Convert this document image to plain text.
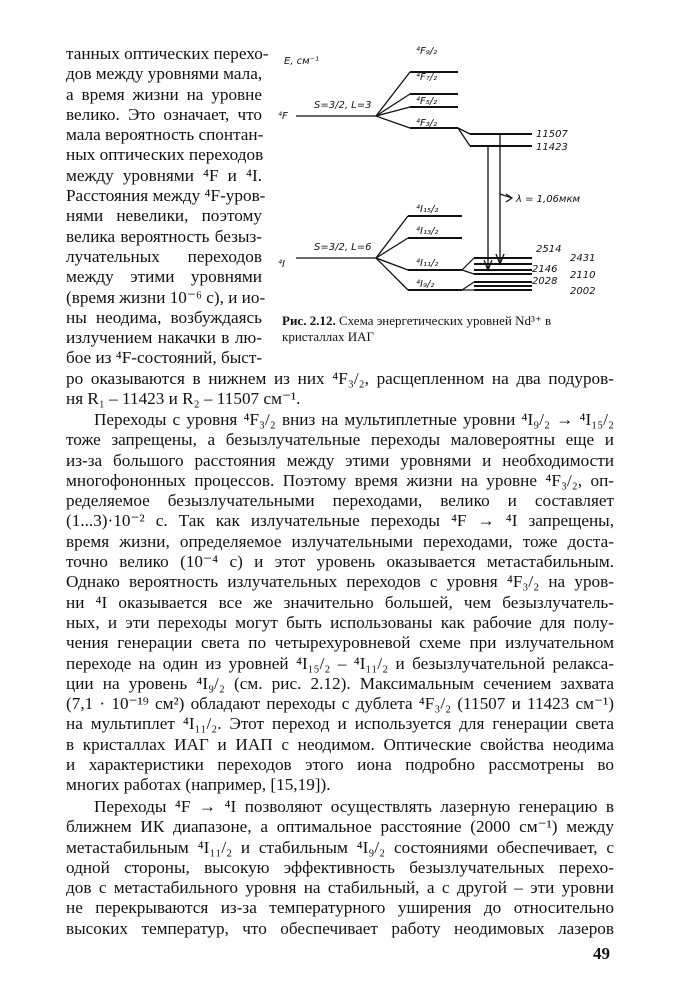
танных оптических перехо-
дов между уровнями мала,
а время жизни на уровне
велико. Это означает, что
мала вероятность спонтан-
ных оптических переходов
между уровнями ⁴F и ⁴I.
Расстояния между ⁴F-уров-
нями невелики, поэтому
велика вероятность безыз-
лучательных переходов
между этими уровнями
(время жизни 10⁻⁶ с), и ио-
ны неодима, возбуждаясь
излучением накачки в лю-
бое из ⁴F-состояний, быст-
E, см⁻¹
⁴F
S=3/2, L=3
⁴F₉/₂
⁴F₇/₂
⁴F₅/₂
⁴F₃/₂
11507
11423
λ = 1,06мкм
⁴I
S=3/2, L=6
⁴I₁₅/₂
⁴I₁₃/₂
⁴I₁₁/₂
⁴I₉/₂
2514
2146
2028
2431
2110
2002
Рис. 2.12. Схема энергетических уровней Nd³⁺ в
кристаллах ИАГ
ро оказываются в нижнем из них ⁴F₃/₂, расщепленном на два подуров-
ня R₁ – 11423 и R₂ – 11507 см⁻¹.
Переходы с уровня ⁴F₃/₂ вниз на мультиплетные уровни ⁴I₉/₂ → ⁴I₁₅/₂
тоже запрещены, а безызлучательные переходы маловероятны еще и
из-за большого расстояния между этими уровнями и необходимости
многофононных процессов. Поэтому время жизни на уровне ⁴F₃/₂, оп-
ределяемое безызлучательными переходами, велико и составляет
(1...3)·10⁻² с. Так как излучательные переходы ⁴F → ⁴I запрещены,
время жизни, определяемое излучательными переходами, тоже доста-
точно велико (10⁻⁴ с) и этот уровень оказывается метастабильным.
Однако вероятность излучательных переходов с уровня ⁴F₃/₂ на уров-
ни ⁴I оказывается все же значительно большей, чем безызлучатель-
ных, и эти переходы могут быть использованы как рабочие для полу-
чения генерации света по четырехуровневой схеме при излучательном
переходе на один из уровней ⁴I₁₅/₂ – ⁴I₁₁/₂ и безызлучательной релакса-
ции на уровень ⁴I₉/₂ (см. рис. 2.12). Максимальным сечением захвата
(7,1 · 10⁻¹⁹ см²) обладают переходы с дублета ⁴F₃/₂ (11507 и 11423 см⁻¹)
на мультиплет ⁴I₁₁/₂. Этот переход и используется для генерации света
в кристаллах ИАГ и ИАП с неодимом. Оптические свойства неодима
и характеристики переходов этого иона подробно рассмотрены во
многих работах (например, [15,19]).
Переходы ⁴F → ⁴I позволяют осуществлять лазерную генерацию в
ближнем ИК диапазоне, а оптимальное расстояние (2000 см⁻¹) между
метастабильным ⁴I₁₁/₂ и стабильным ⁴I₉/₂ состояниями обеспечивает, с
одной стороны, высокую эффективность безызлучательных перехо-
дов с метастабильного уровня на стабильный, а с другой – эти уровни
не перекрываются из-за температурного уширения до относительно
высоких температур, что обеспечивает работу неодимовых лазеров
49
